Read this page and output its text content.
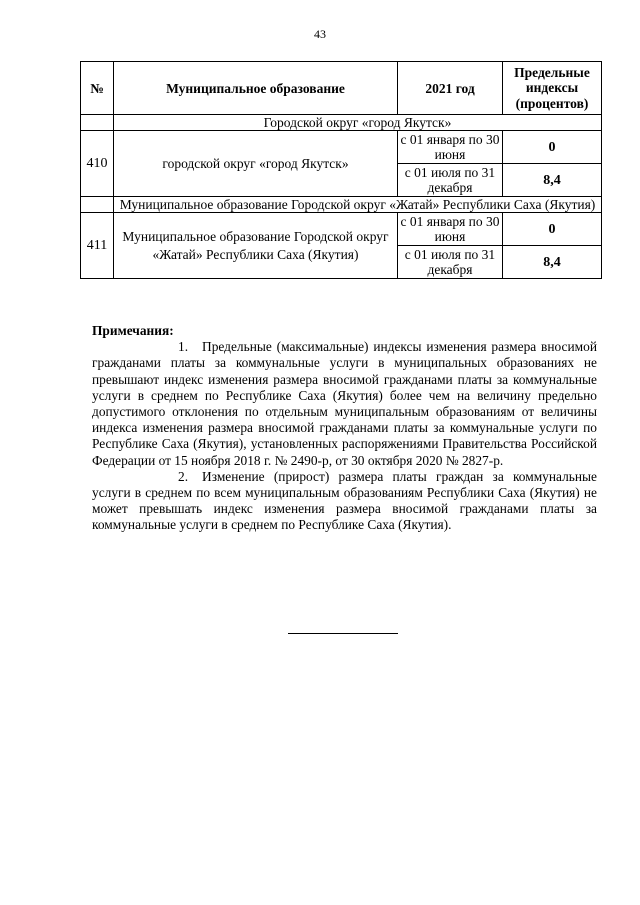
43
№	Муниципальное образование	2021 год	Предельные индексы (процентов)
	Городской округ «город Якутск»		
410	городской округ «город Якутск»	с 01 января по 30 июня	0
		с 01 июля по 31 декабря	8,4
	Муниципальное образование Городской округ «Жатай» Республики Саха (Якутия)		
411	Муниципальное образование Городской округ «Жатай» Республики Саха (Якутия)	с 01 января по 30 июня	0
		с 01 июля по 31 декабря	8,4

Примечания:

1. Предельные (максимальные) индексы изменения размера вносимой гражданами платы за коммунальные услуги в муниципальных образованиях не превышают индекс изменения размера вносимой гражданами платы за коммунальные услуги в среднем по Республике Саха (Якутия) более чем на величину предельно допустимого отклонения по отдельным муниципальным образованиям от величины индекса изменения размера вносимой гражданами платы за коммунальные услуги по Республике Саха (Якутия), установленных распоряжениями Правительства Российской Федерации от 15 ноября 2018 г. № 2490-р, от 30 октября 2020 № 2827-р.

2. Изменение (прирост) размера платы граждан за коммунальные услуги в среднем по всем муниципальным образованиям Республики Саха (Якутия) не может превышать индекс изменения размера вносимой гражданами платы за коммунальные услуги в среднем по Республике Саха (Якутия).
